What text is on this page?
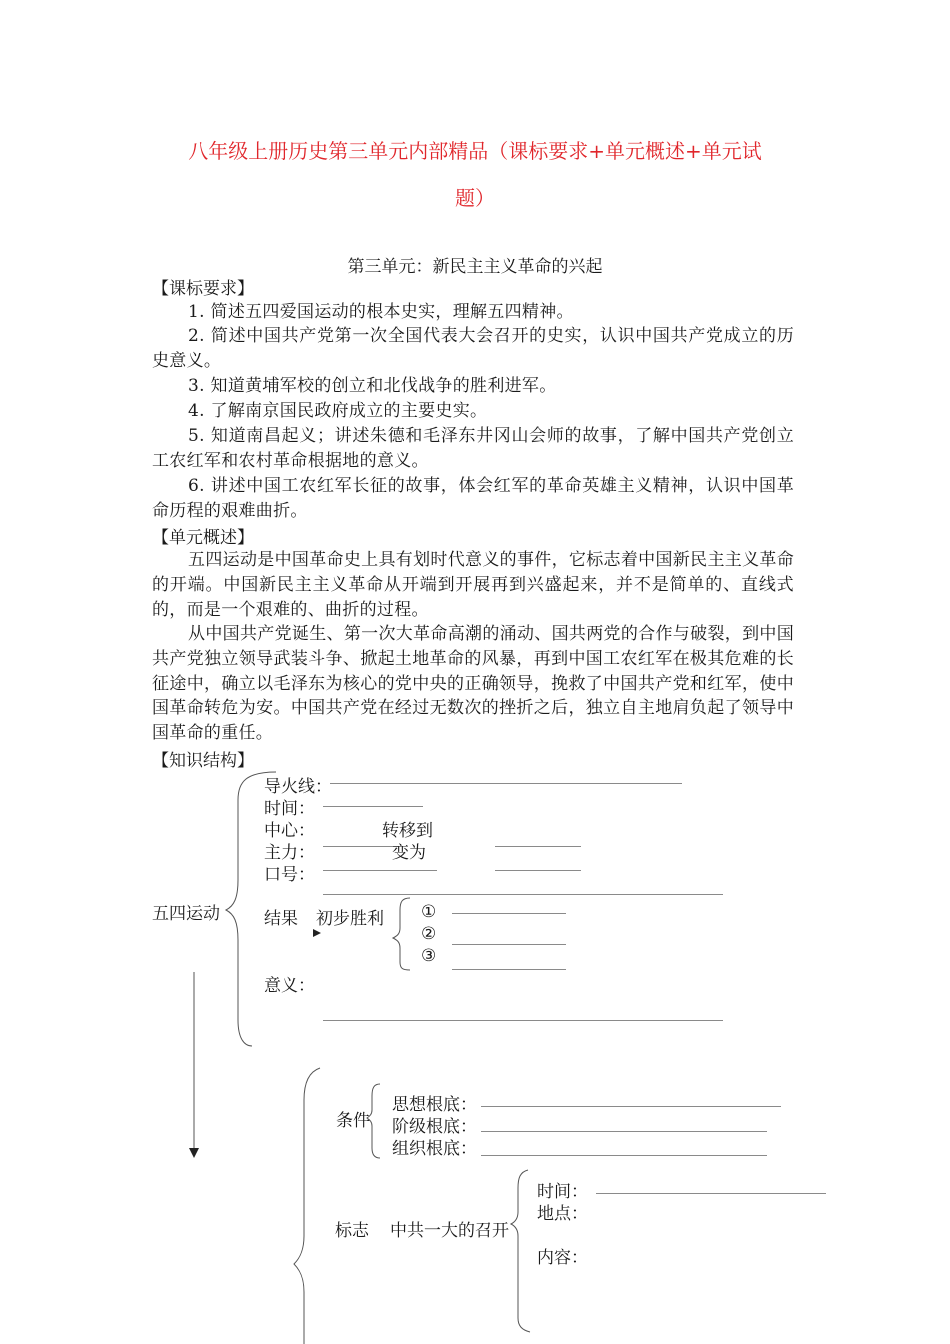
八年级上册历史第三单元内部精品（课标要求+单元概述+单元试
题）
第三单元：新民主主义革命的兴起
【课标要求】
1. 简述五四爱国运动的根本史实，理解五四精神。
2. 简述中国共产党第一次全国代表大会召开的史实，认识中国共产党成立的历史意义。
3. 知道黄埔军校的创立和北伐战争的胜利进军。
4. 了解南京国民政府成立的主要史实。
5. 知道南昌起义；讲述朱德和毛泽东井冈山会师的故事，了解中国共产党创立工农红军和农村革命根据地的意义。
6. 讲述中国工农红军长征的故事，体会红军的革命英雄主义精神，认识中国革命历程的艰难曲折。
【单元概述】
五四运动是中国革命史上具有划时代意义的事件，它标志着中国新民主主义革命的开端。中国新民主主义革命从开端到开展再到兴盛起来，并不是简单的、直线式的，而是一个艰难的、曲折的过程。
从中国共产党诞生、第一次大革命高潮的涌动、国共两党的合作与破裂，到中国共产党独立领导武装斗争、掀起土地革命的风暴，再到中国工农红军在极其危难的长征途中，确立以毛泽东为核心的党中央的正确领导，挽救了中国共产党和红军，使中国革命转危为安。中国共产党在经过无数次的挫折之后，独立自主地肩负起了领导中国革命的重任。
【知识结构】
五四运动
导火线：
时间：
中心：	转移到
主力：	变为
口号：
结果 初步胜利 ①
②
③
意义：
条件
思想根底：
阶级根底：
组织根底：
标志 中共一大的召开
时间：
地点：
内容：
